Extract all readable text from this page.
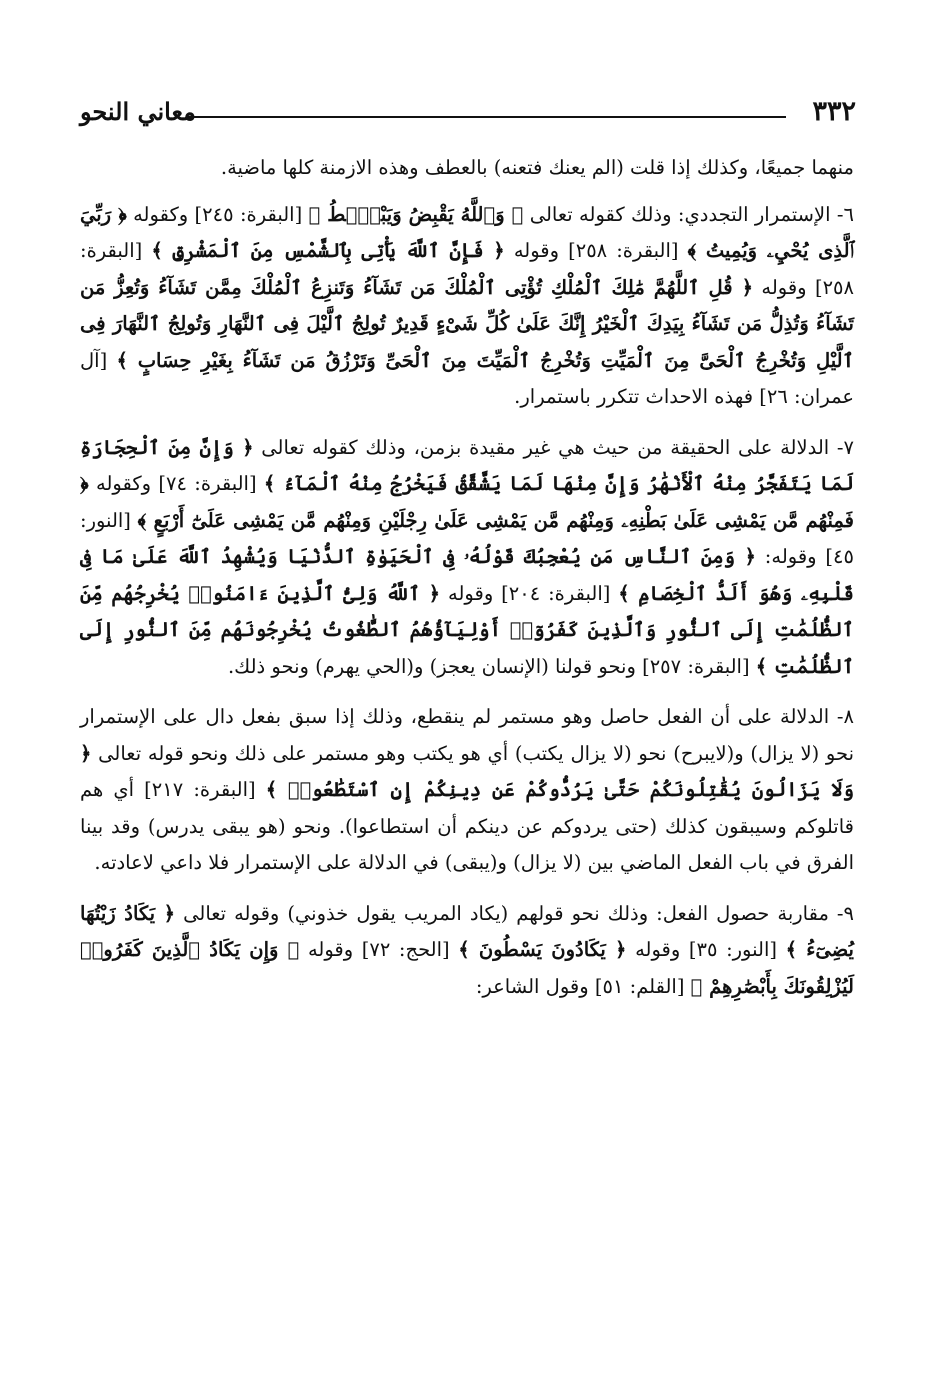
٣٣٢
معاني النحو

منهما جميعًا، وكذلك إذا قلت (الم يعنك فتعنه) بالعطف وهذه الازمنة كلها ماضية.

٦- الإستمرار التجددي: وذلك كقوله تعالى ﴿ وَٱللَّهُ يَقْبِضُ وَيَبْصُۜطُ ﴾ [البقرة: ٢٤٥] وكقوله ﴿ رَبِّيَ ٱلَّذِى يُحْيِۦ وَيُمِيتُ ﴾ [البقرة: ٢٥٨] وقوله ﴿ فَإِنَّ ٱللَّهَ يَأْتِى بِٱلشَّمْسِ مِنَ ٱلْمَشْرِقِ ﴾ [البقرة: ٢٥٨] وقوله ﴿ قُلِ ٱللَّهُمَّ مَٰلِكَ ٱلْمُلْكِ تُؤْتِى ٱلْمُلْكَ مَن تَشَآءُ وَتَنزِعُ ٱلْمُلْكَ مِمَّن تَشَآءُ وَتُعِزُّ مَن تَشَآءُ وَتُذِلُّ مَن تَشَآءُ بِيَدِكَ ٱلْخَيْرُ إِنَّكَ عَلَىٰ كُلِّ شَىْءٍ قَدِيرٌ تُولِجُ ٱلَّيْلَ فِى ٱلنَّهَارِ وَتُولِجُ ٱلنَّهَارَ فِى ٱلَّيْلِ وَتُخْرِجُ ٱلْحَىَّ مِنَ ٱلْمَيِّتِ وَتُخْرِجُ ٱلْمَيِّتَ مِنَ ٱلْحَىِّ وَتَرْزُقُ مَن تَشَآءُ بِغَيْرِ حِسَابٍ ﴾ [آل عمران: ٢٦] فهذه الاحداث تتكرر باستمرار.

٧- الدلالة على الحقيقة من حيث هي غير مقيدة بزمن، وذلك كقوله تعالى ﴿ وَإِنَّ مِنَ ٱلْحِجَارَةِ لَمَا يَتَفَجَّرُ مِنْهُ ٱلْأَنْهَٰرُ وَإِنَّ مِنْهَا لَمَا يَشَّقَّقُ فَيَخْرُجُ مِنْهُ ٱلْمَآءُ ﴾ [البقرة: ٧٤] وكقوله ﴿ فَمِنْهُم مَّن يَمْشِى عَلَىٰ بَطْنِهِۦ وَمِنْهُم مَّن يَمْشِى عَلَىٰ رِجْلَيْنِ وَمِنْهُم مَّن يَمْشِى عَلَىٰٓ أَرْبَعٍ ﴾ [النور: ٤٥] وقوله: ﴿ وَمِنَ ٱلنَّاسِ مَن يُعْجِبُكَ قَوْلُهُۥ فِى ٱلْحَيَوٰةِ ٱلدُّنْيَا وَيُشْهِدُ ٱللَّهَ عَلَىٰ مَا فِى قَلْبِهِۦ وَهُوَ أَلَدُّ ٱلْخِصَامِ ﴾ [البقرة: ٢٠٤] وقوله ﴿ ٱللَّهُ وَلِىُّ ٱلَّذِينَ ءَامَنُوا۟ يُخْرِجُهُم مِّنَ ٱلظُّلُمَٰتِ إِلَى ٱلنُّورِ وَٱلَّذِينَ كَفَرُوٓا۟ أَوْلِيَآؤُهُمُ ٱلطَّٰغُوتُ يُخْرِجُونَهُم مِّنَ ٱلنُّورِ إِلَى ٱلظُّلُمَٰتِ ﴾ [البقرة: ٢٥٧] ونحو قولنا (الإنسان يعجز) و(الحي يهرم) ونحو ذلك.

٨- الدلالة على أن الفعل حاصل وهو مستمر لم ينقطع، وذلك إذا سبق بفعل دال على الإستمرار نحو (لا يزال) و(لايبرح) نحو (لا يزال يكتب) أي هو يكتب وهو مستمر على ذلك ونحو قوله تعالى ﴿ وَلَا يَزَالُونَ يُقَٰتِلُونَكُمْ حَتَّىٰ يَرُدُّوكُمْ عَن دِينِكُمْ إِنِ ٱسْتَطَٰعُوا۟ ﴾ [البقرة: ٢١٧] أي هم قاتلوكم وسيبقون كذلك (حتى يردوكم عن دينكم أن استطاعوا). ونحو (هو يبقى يدرس) وقد بينا الفرق في باب الفعل الماضي بين (لا يزال) و(يبقى) في الدلالة على الإستمرار فلا داعي لاعادته.

٩- مقاربة حصول الفعل: وذلك نحو قولهم (يكاد المريب يقول خذوني) وقوله تعالى ﴿ يَكَادُ زَيْتُهَا يُضِىٓءُ ﴾ [النور: ٣٥] وقوله ﴿ يَكَادُونَ يَسْطُونَ ﴾ [الحج: ٧٢] وقوله ﴿ وَإِن يَكَادُ ٱلَّذِينَ كَفَرُوا۟ لَيُزْلِقُونَكَ بِأَبْصَٰرِهِمْ ﴾ [القلم: ٥١] وقول الشاعر:
